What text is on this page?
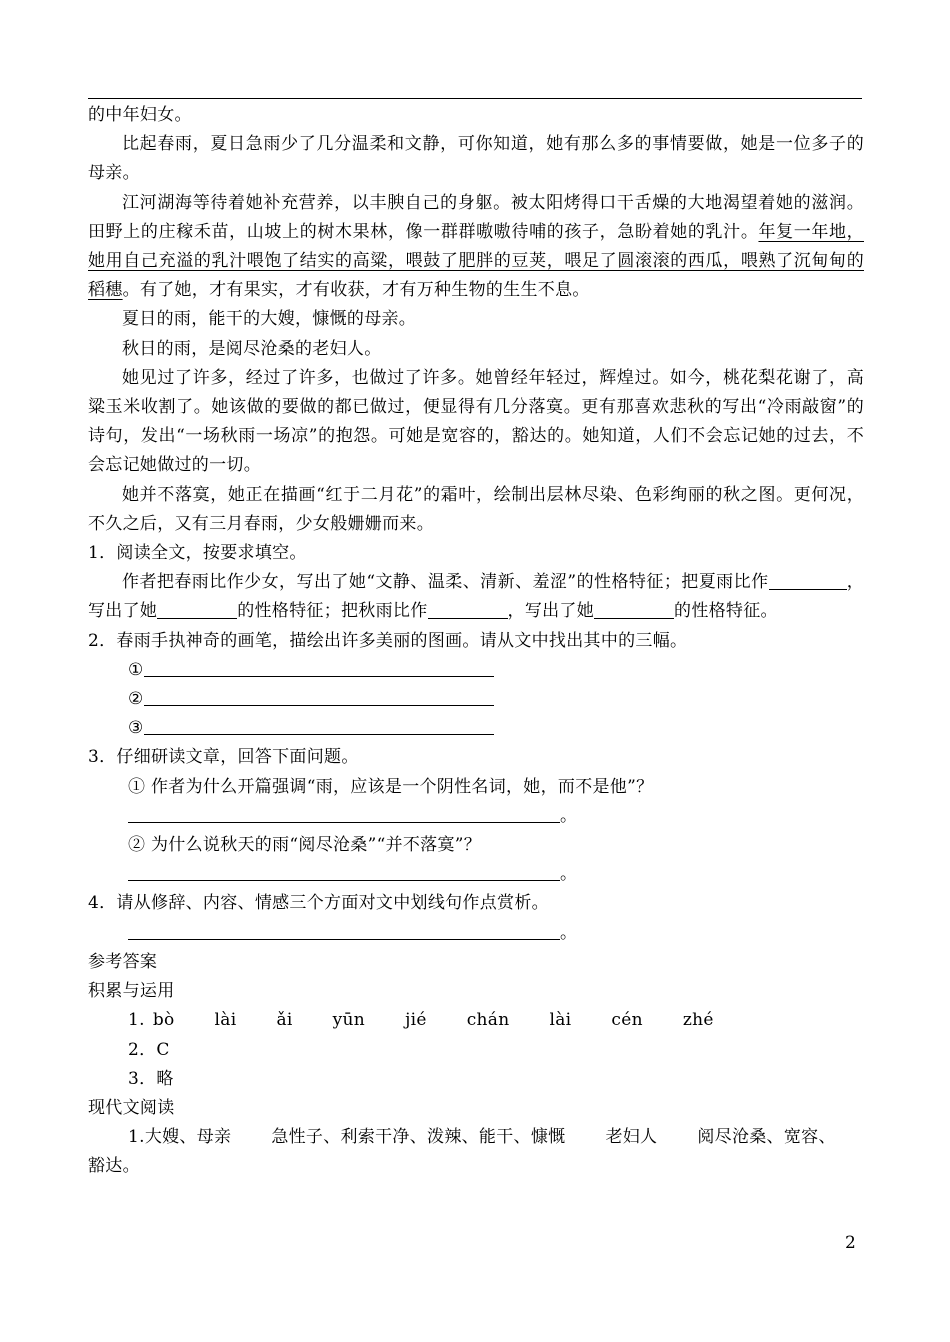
的中年妇女。

比起春雨，夏日急雨少了几分温柔和文静，可你知道，她有那么多的事情要做，她是一位多子的母亲。

江河湖海等待着她补充营养，以丰腴自己的身躯。被太阳烤得口干舌燥的大地渴望着她的滋润。田野上的庄稼禾苗，山坡上的树木果林，像一群群嗷嗷待哺的孩子，急盼着她的乳汁。年复一年地，她用自己充溢的乳汁喂饱了结实的高粱，喂鼓了肥胖的豆荚，喂足了圆滚滚的西瓜，喂熟了沉甸甸的稻穗。有了她，才有果实，才有收获，才有万种生物的生生不息。

夏日的雨，能干的大嫂，慷慨的母亲。

秋日的雨，是阅尽沧桑的老妇人。

她见过了许多，经过了许多，也做过了许多。她曾经年轻过，辉煌过。如今，桃花梨花谢了，高粱玉米收割了。她该做的要做的都已做过，便显得有几分落寞。更有那喜欢悲秋的写出“冷雨敲窗”的诗句，发出“一场秋雨一场凉”的抱怨。可她是宽容的，豁达的。她知道，人们不会忘记她的过去，不会忘记她做过的一切。

她并不落寞，她正在描画“红于二月花”的霜叶，绘制出层林尽染、色彩绚丽的秋之图。更何况，不久之后，又有三月春雨，少女般姗姗而来。

1．阅读全文，按要求填空。

作者把春雨比作少女，写出了她“文静、温柔、清新、羞涩”的性格特征；把夏雨比作	，写出了她	的性格特征；把秋雨比作	，写出了她	的性格特征。

2．春雨手执神奇的画笔，描绘出许多美丽的图画。请从文中找出其中的三幅。

①

②

③

3．仔细研读文章，回答下面问题。

① 作者为什么开篇强调“雨，应该是一个阴性名词，她，而不是他”？

。

② 为什么说秋天的雨“阅尽沧桑”“并不落寞”？

。

4．请从修辞、内容、情感三个方面对文中划线句作点赏析。

。

参考答案

积累与运用

1. bò lài ǎi yūn jié chán lài cén zhé

2．C

3．略

现代文阅读

1.大嫂、母亲 急性子、利索干净、泼辣、能干、慷慨 老妇人 阅尽沧桑、宽容、

豁达。

2
